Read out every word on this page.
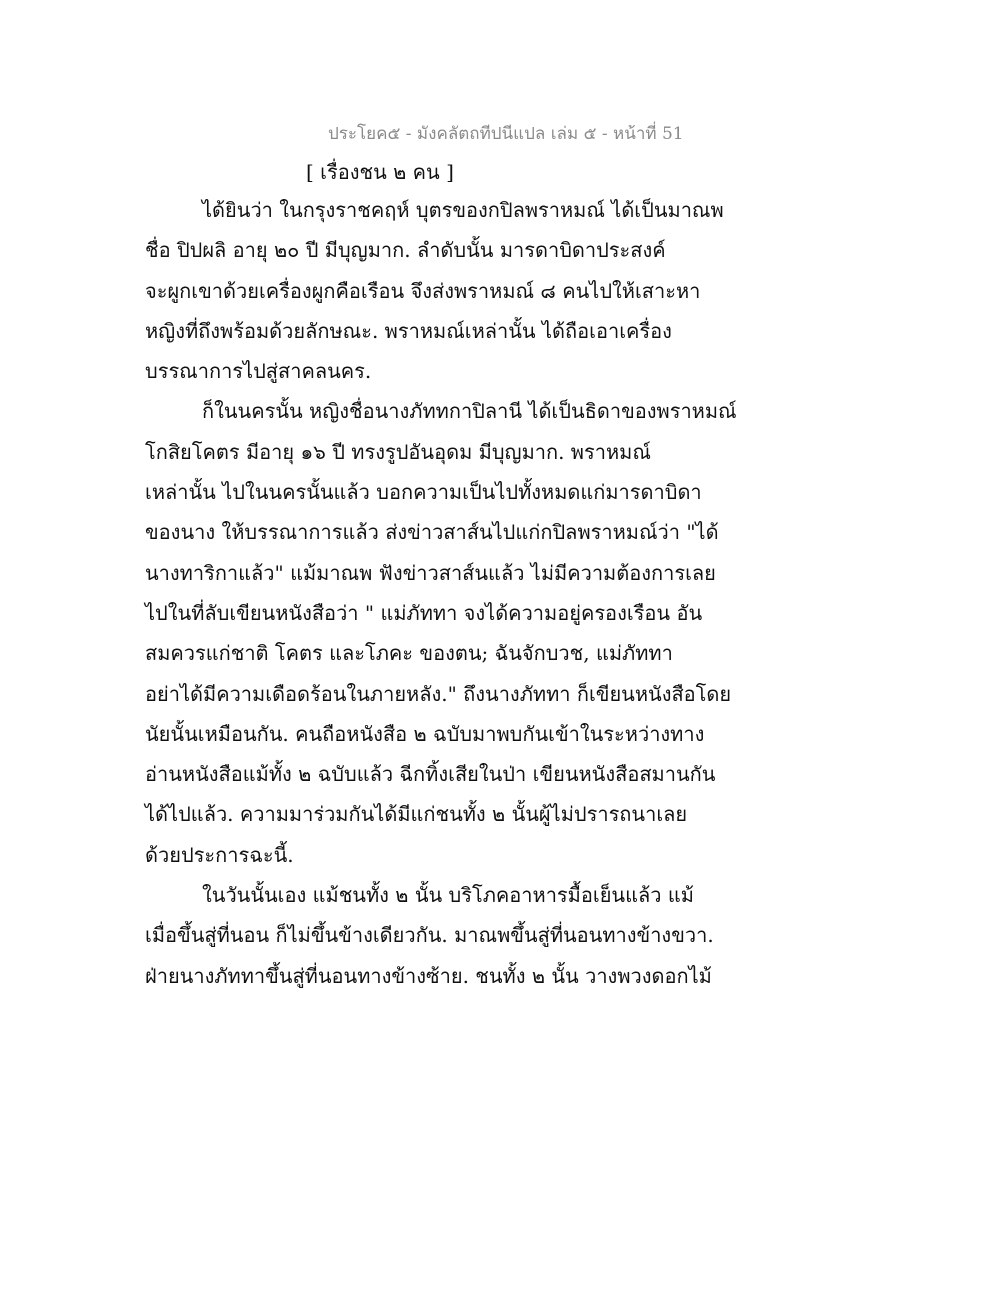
ประโยค๕ - มังคลัตถทีปนีแปล เล่ม ๕ - หน้าที่ 51
[ เรื่องชน ๒ คน ]
ได้ยินว่า ในกรุงราชคฤห์ บุตรของกปิลพราหมณ์ ได้เป็นมาณพ
ชื่อ ปิปผลิ อายุ ๒๐ ปี มีบุญมาก. ลำดับนั้น มารดาบิดาประสงค์
จะผูกเขาด้วยเครื่องผูกคือเรือน จึงส่งพราหมณ์ ๘ คนไปให้เสาะหา
หญิงที่ถึงพร้อมด้วยลักษณะ. พราหมณ์เหล่านั้น ได้ถือเอาเครื่อง
บรรณาการไปสู่สาคลนคร.
ก็ในนครนั้น หญิงชื่อนางภัททกาปิลานี ได้เป็นธิดาของพราหมณ์
โกสิยโคตร มีอายุ ๑๖ ปี ทรงรูปอันอุดม มีบุญมาก. พราหมณ์
เหล่านั้น ไปในนครนั้นแล้ว บอกความเป็นไปทั้งหมดแก่มารดาบิดา
ของนาง ให้บรรณาการแล้ว ส่งข่าวสาส์นไปแก่กปิลพราหมณ์ว่า "ได้
นางทาริกาแล้ว" แม้มาณพ ฟังข่าวสาส์นแล้ว ไม่มีความต้องการเลย
ไปในที่ลับเขียนหนังสือว่า " แม่ภัททา จงได้ความอยู่ครองเรือน อัน
สมควรแก่ชาติ โคตร และโภคะ ของตน; ฉันจักบวช, แม่ภัททา
อย่าได้มีความเดือดร้อนในภายหลัง." ถึงนางภัททา ก็เขียนหนังสือโดย
นัยนั้นเหมือนกัน. คนถือหนังสือ ๒ ฉบับมาพบกันเข้าในระหว่างทาง
อ่านหนังสือแม้ทั้ง ๒ ฉบับแล้ว ฉีกทิ้งเสียในป่า เขียนหนังสือสมานกัน
ได้ไปแล้ว. ความมาร่วมกันได้มีแก่ชนทั้ง ๒ นั้นผู้ไม่ปรารถนาเลย
ด้วยประการฉะนี้.
ในวันนั้นเอง แม้ชนทั้ง ๒ นั้น บริโภคอาหารมื้อเย็นแล้ว แม้
เมื่อขึ้นสู่ที่นอน ก็ไม่ขึ้นข้างเดียวกัน. มาณพขึ้นสู่ที่นอนทางข้างขวา.
ฝ่ายนางภัททาขึ้นสู่ที่นอนทางข้างซ้าย. ชนทั้ง ๒ นั้น วางพวงดอกไม้
